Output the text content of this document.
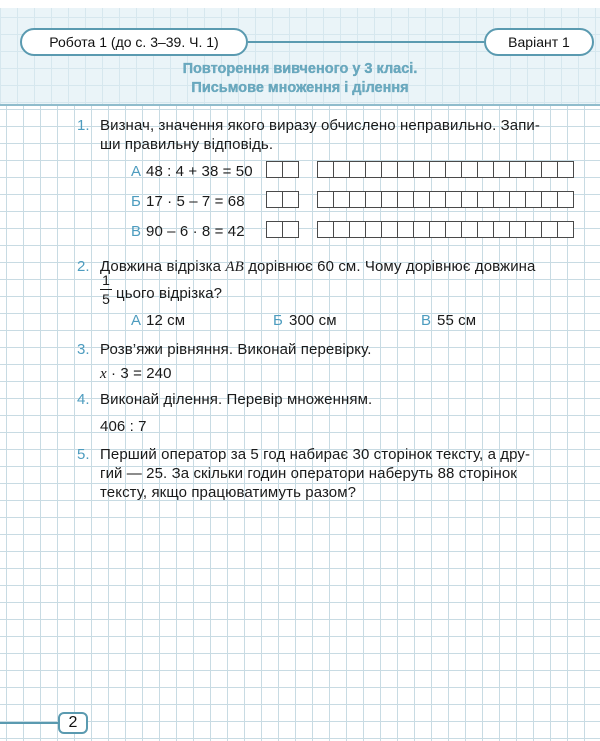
Робота 1 (до с. 3–39. Ч. 1)	Варіант 1
Повторення вивченого у 3 класі.
Письмове множення і ділення
1. Визнач, значення якого виразу обчислено неправильно. Запи-
ши правильну відповідь.
А 48 : 4 + 38 = 50
Б 17 · 5 – 7 = 68
В 90 – 6 · 8 = 42
2. Довжина відрізка AB дорівнює 60 см. Чому дорівнює довжина
1
5 цього відрізка?
А 12 см	Б 300 см	В 55 см
3. Розв’яжи рівняння. Виконай перевірку.
x · 3 = 240
4. Виконай ділення. Перевір множенням.
406 : 7
5. Перший оператор за 5 год набирає 30 сторінок тексту, а дру-
гий — 25. За скільки годин оператори наберуть 88 сторінок
тексту, якщо працюватимуть разом?
2
